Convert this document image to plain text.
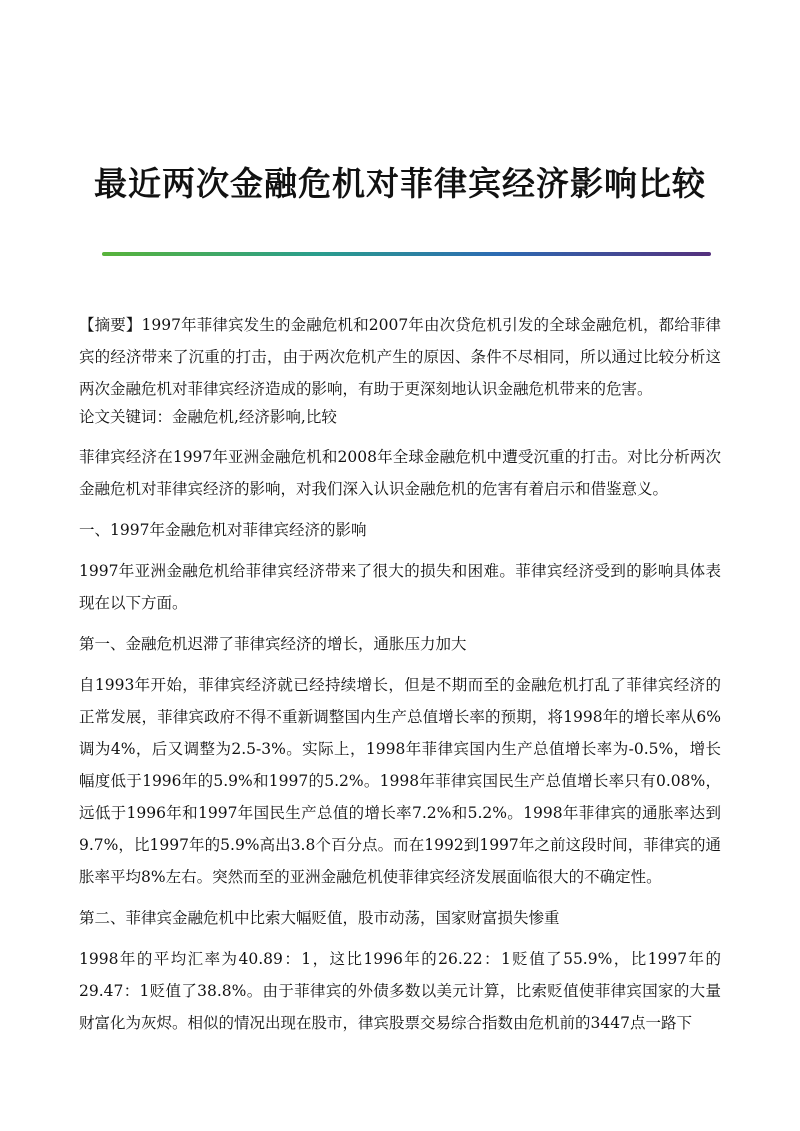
最近两次金融危机对菲律宾经济影响比较

【摘要】1997年菲律宾发生的金融危机和2007年由次贷危机引发的全球金融危机，都给菲律宾的经济带来了沉重的打击，由于两次危机产生的原因、条件不尽相同，所以通过比较分析这两次金融危机对菲律宾经济造成的影响，有助于更深刻地认识金融危机带来的危害。

论文关键词：金融危机,经济影响,比较

菲律宾经济在1997年亚洲金融危机和2008年全球金融危机中遭受沉重的打击。对比分析两次金融危机对菲律宾经济的影响，对我们深入认识金融危机的危害有着启示和借鉴意义。

一、1997年金融危机对菲律宾经济的影响

1997年亚洲金融危机给菲律宾经济带来了很大的损失和困难。菲律宾经济受到的影响具体表现在以下方面。

第一、金融危机迟滞了菲律宾经济的增长，通胀压力加大

自1993年开始，菲律宾经济就已经持续增长，但是不期而至的金融危机打乱了菲律宾经济的正常发展，菲律宾政府不得不重新调整国内生产总值增长率的预期，将1998年的增长率从6%调为4%，后又调整为2.5-3%。实际上，1998年菲律宾国内生产总值增长率为-0.5%，增长幅度低于1996年的5.9%和1997的5.2%。1998年菲律宾国民生产总值增长率只有0.08%，远低于1996年和1997年国民生产总值的增长率7.2%和5.2%。1998年菲律宾的通胀率达到9.7%，比1997年的5.9%高出3.8个百分点。而在1992到1997年之前这段时间，菲律宾的通胀率平均8%左右。突然而至的亚洲金融危机使菲律宾经济发展面临很大的不确定性。

第二、菲律宾金融危机中比索大幅贬值，股市动荡，国家财富损失惨重

1998年的平均汇率为40.89：1，这比1996年的26.22：1贬值了55.9%，比1997年的29.47：1贬值了38.8%。由于菲律宾的外债多数以美元计算，比索贬值使菲律宾国家的大量财富化为灰烬。相似的情况出现在股市，律宾股票交易综合指数由危机前的3447点一路下
